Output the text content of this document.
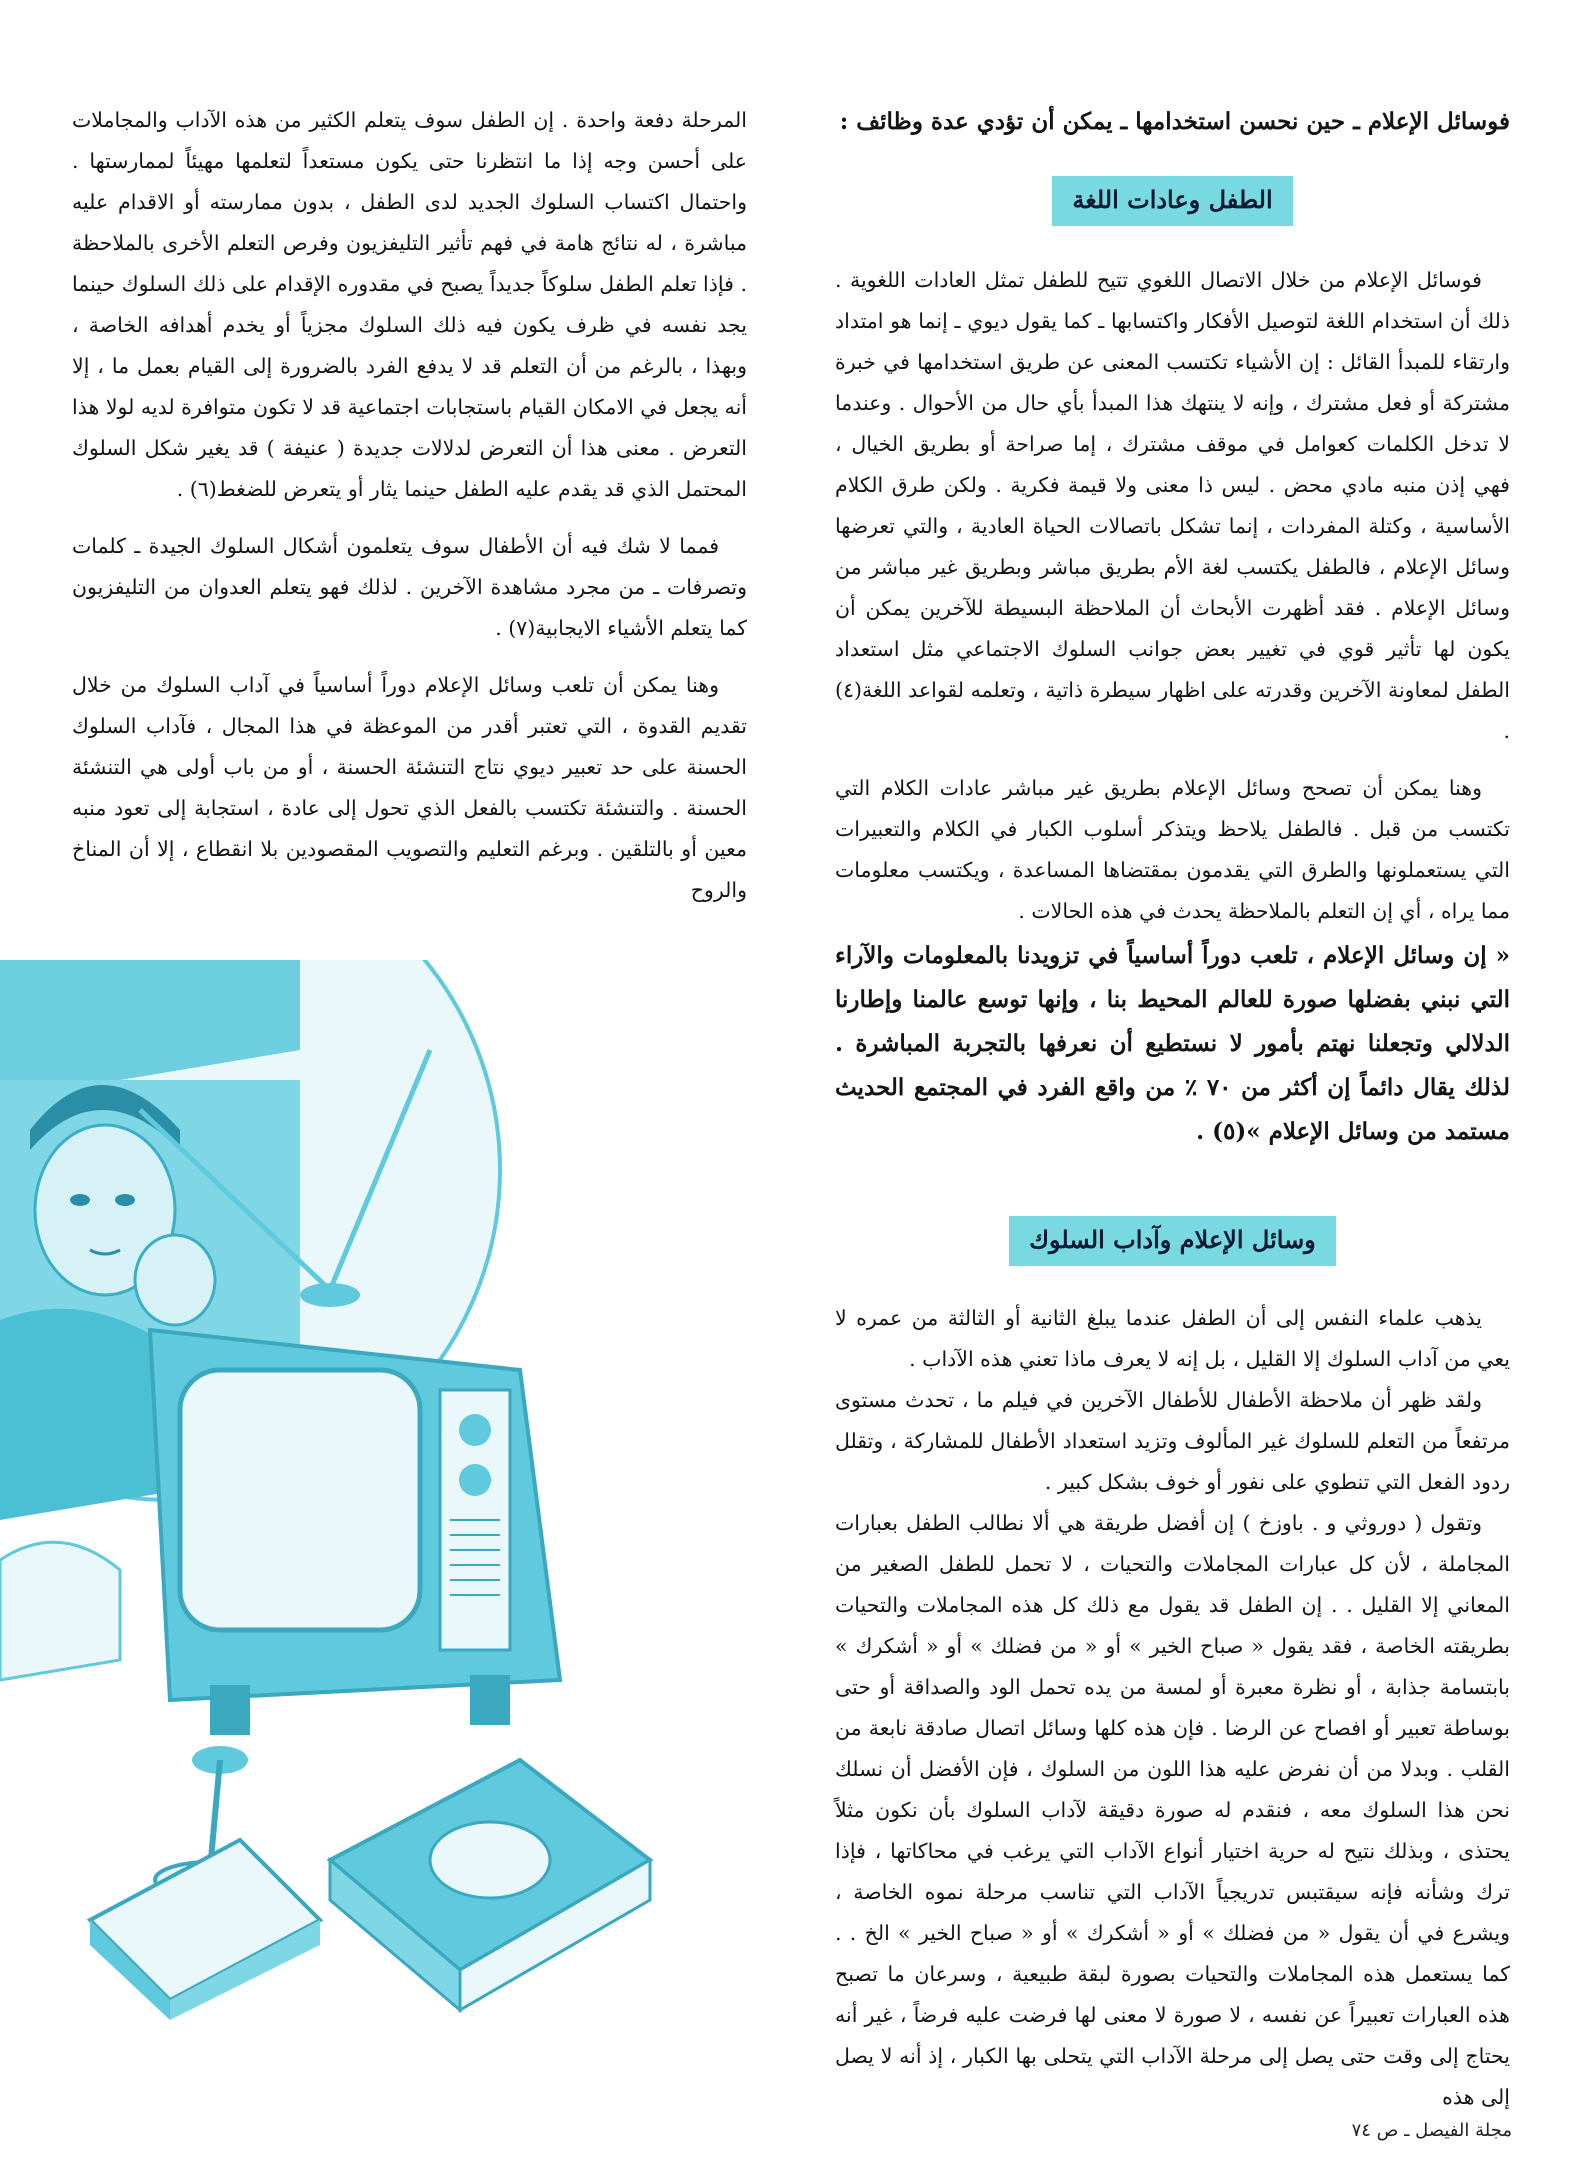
فوسائل الإعلام ـ حين نحسن استخدامها ـ يمكن أن تؤدي عدة وظائف :

الطفل وعادات اللغة

فوسائل الإعلام من خلال الاتصال اللغوي تتيح للطفل تمثل العادات اللغوية . ذلك أن استخدام اللغة لتوصيل الأفكار واكتسابها ـ كما يقول ديوي ـ إنما هو امتداد وارتقاء للمبدأ القائل : إن الأشياء تكتسب المعنى عن طريق استخدامها في خبرة مشتركة أو فعل مشترك ، وإنه لا ينتهك هذا المبدأ بأي حال من الأحوال . وعندما لا تدخل الكلمات كعوامل في موقف مشترك ، إما صراحة أو بطريق الخيال ، فهي إذن منبه مادي محض . ليس ذا معنى ولا قيمة فكرية . ولكن طرق الكلام الأساسية ، وكتلة المفردات ، إنما تشكل باتصالات الحياة العادية ، والتي تعرضها وسائل الإعلام ، فالطفل يكتسب لغة الأم بطريق مباشر وبطريق غير مباشر من وسائل الإعلام . فقد أظهرت الأبحاث أن الملاحظة البسيطة للآخرين يمكن أن يكون لها تأثير قوي في تغيير بعض جوانب السلوك الاجتماعي مثل استعداد الطفل لمعاونة الآخرين وقدرته على اظهار سيطرة ذاتية ، وتعلمه لقواعد اللغة(٤) .

وهنا يمكن أن تصحح وسائل الإعلام بطريق غير مباشر عادات الكلام التي تكتسب من قبل . فالطفل يلاحظ ويتذكر أسلوب الكبار في الكلام والتعبيرات التي يستعملونها والطرق التي يقدمون بمقتضاها المساعدة ، ويكتسب معلومات مما يراه ، أي إن التعلم بالملاحظة يحدث في هذه الحالات .

« إن وسائل الإعلام ، تلعب دوراً أساسياً في تزويدنا بالمعلومات والآراء التي نبني بفضلها صورة للعالم المحيط بنا ، وإنها توسع عالمنا وإطارنا الدلالي وتجعلنا نهتم بأمور لا نستطيع أن نعرفها بالتجربة المباشرة . لذلك يقال دائماً إن أكثر من ٧٠ ٪ من واقع الفرد في المجتمع الحديث مستمد من وسائل الإعلام »(٥) .

وسائل الإعلام وآداب السلوك

يذهب علماء النفس إلى أن الطفل عندما يبلغ الثانية أو الثالثة من عمره لا يعي من آداب السلوك إلا القليل ، بل إنه لا يعرف ماذا تعني هذه الآداب .

ولقد ظهر أن ملاحظة الأطفال للأطفال الآخرين في فيلم ما ، تحدث مستوى مرتفعاً من التعلم للسلوك غير المألوف وتزيد استعداد الأطفال للمشاركة ، وتقلل ردود الفعل التي تنطوي على نفور أو خوف بشكل كبير .

وتقول ( دوروثي و . باوزخ ) إن أفضل طريقة هي ألا نطالب الطفل بعبارات المجاملة ، لأن كل عبارات المجاملات والتحيات ، لا تحمل للطفل الصغير من المعاني إلا القليل . . إن الطفل قد يقول مع ذلك كل هذه المجاملات والتحيات بطريقته الخاصة ، فقد يقول « صباح الخير » أو « من فضلك » أو « أشكرك » بابتسامة جذابة ، أو نظرة معبرة أو لمسة من يده تحمل الود والصداقة أو حتى بوساطة تعبير أو افصاح عن الرضا . فإن هذه كلها وسائل اتصال صادقة نابعة من القلب . وبدلا من أن نفرض عليه هذا اللون من السلوك ، فإن الأفضل أن نسلك نحن هذا السلوك معه ، فنقدم له صورة دقيقة لآداب السلوك بأن نكون مثلاً يحتذى ، وبذلك نتيح له حرية اختيار أنواع الآداب التي يرغب في محاكاتها ، فإذا ترك وشأنه فإنه سيقتبس تدريجياً الآداب التي تناسب مرحلة نموه الخاصة ، ويشرع في أن يقول « من فضلك » أو « أشكرك » أو « صباح الخير » الخ . . كما يستعمل هذه المجاملات والتحيات بصورة لبقة طبيعية ، وسرعان ما تصبح هذه العبارات تعبيراً عن نفسه ، لا صورة لا معنى لها فرضت عليه فرضاً ، غير أنه يحتاج إلى وقت حتى يصل إلى مرحلة الآداب التي يتحلى بها الكبار ، إذ أنه لا يصل إلى هذه

المرحلة دفعة واحدة . إن الطفل سوف يتعلم الكثير من هذه الآداب والمجاملات على أحسن وجه إذا ما انتظرنا حتى يكون مستعداً لتعلمها مهيئاً لممارستها . واحتمال اكتساب السلوك الجديد لدى الطفل ، بدون ممارسته أو الاقدام عليه مباشرة ، له نتائج هامة في فهم تأثير التليفزيون وفرص التعلم الأخرى بالملاحظة . فإذا تعلم الطفل سلوكاً جديداً يصبح في مقدوره الإقدام على ذلك السلوك حينما يجد نفسه في ظرف يكون فيه ذلك السلوك مجزياً أو يخدم أهدافه الخاصة ، وبهذا ، بالرغم من أن التعلم قد لا يدفع الفرد بالضرورة إلى القيام بعمل ما ، إلا أنه يجعل في الامكان القيام باستجابات اجتماعية قد لا تكون متوافرة لديه لولا هذا التعرض . معنى هذا أن التعرض لدلالات جديدة ( عنيفة ) قد يغير شكل السلوك المحتمل الذي قد يقدم عليه الطفل حينما يثار أو يتعرض للضغط(٦) .

فمما لا شك فيه أن الأطفال سوف يتعلمون أشكال السلوك الجيدة ـ كلمات وتصرفات ـ من مجرد مشاهدة الآخرين . لذلك فهو يتعلم العدوان من التليفزيون كما يتعلم الأشياء الايجابية(٧) .

وهنا يمكن أن تلعب وسائل الإعلام دوراً أساسياً في آداب السلوك من خلال تقديم القدوة ، التي تعتبر أقدر من الموعظة في هذا المجال ، فآداب السلوك الحسنة على حد تعبير ديوي نتاج التنشئة الحسنة ، أو من باب أولى هي التنشئة الحسنة . والتنشئة تكتسب بالفعل الذي تحول إلى عادة ، استجابة إلى تعود منبه معين أو بالتلقين . وبرغم التعليم والتصويب المقصودين بلا انقطاع ، إلا أن المناخ والروح

مجلة الفيصل ـ ص ٧٤
